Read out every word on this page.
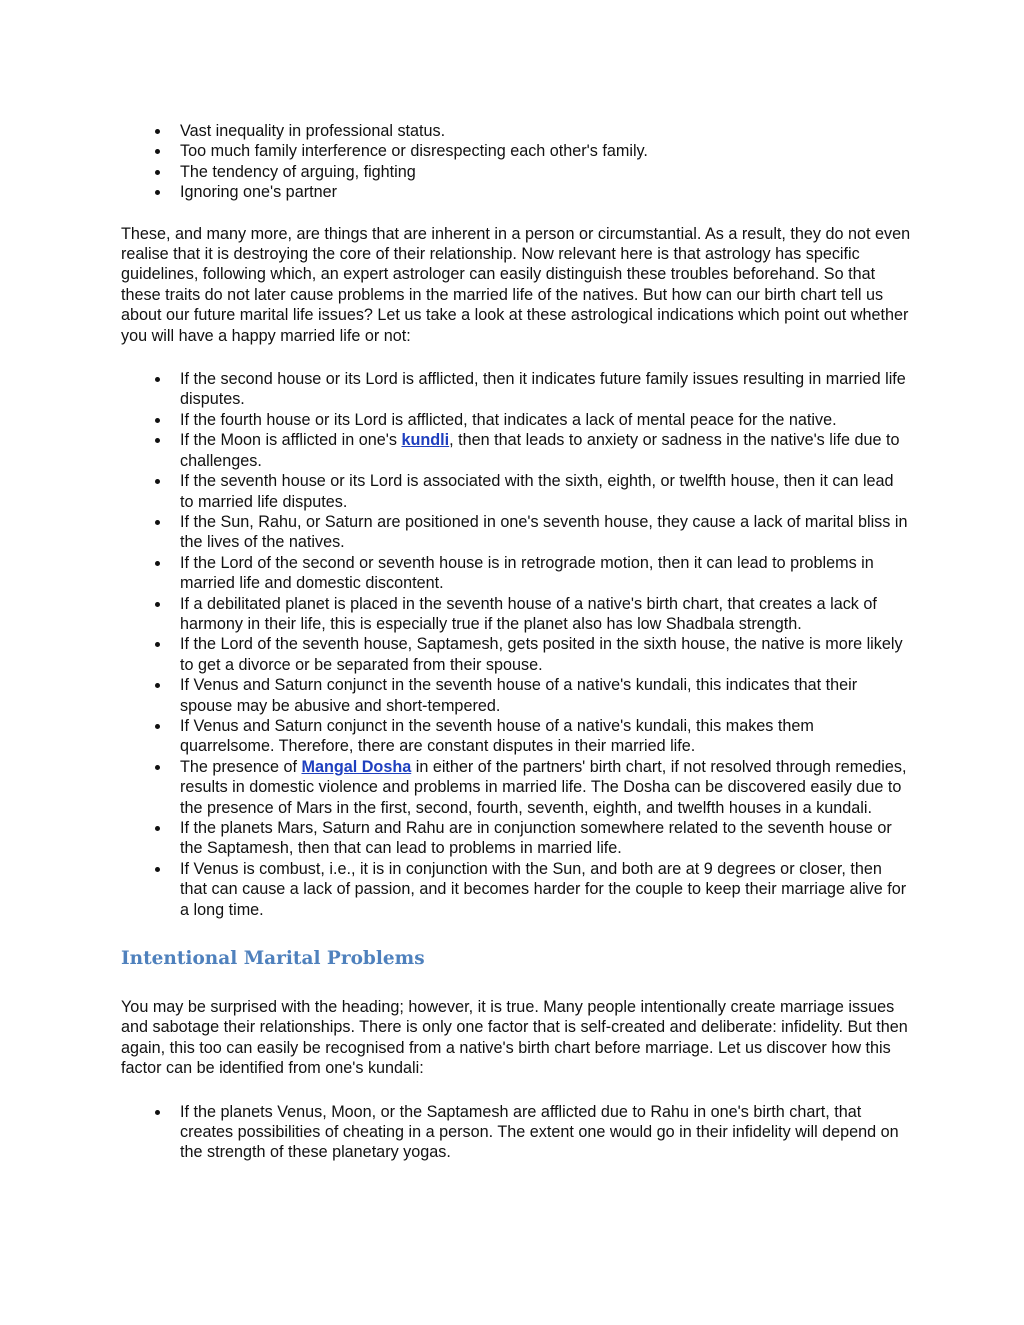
Vast inequality in professional status.
Too much family interference or disrespecting each other's family.
The tendency of arguing, fighting
Ignoring one's partner

These, and many more, are things that are inherent in a person or circumstantial. As a result, they do not even realise that it is destroying the core of their relationship. Now relevant here is that astrology has specific guidelines, following which, an expert astrologer can easily distinguish these troubles beforehand. So that these traits do not later cause problems in the married life of the natives. But how can our birth chart tell us about our future marital life issues? Let us take a look at these astrological indications which point out whether you will have a happy married life or not:

If the second house or its Lord is afflicted, then it indicates future family issues resulting in married life disputes.
If the fourth house or its Lord is afflicted, that indicates a lack of mental peace for the native.
If the Moon is afflicted in one's kundli, then that leads to anxiety or sadness in the native's life due to challenges.
If the seventh house or its Lord is associated with the sixth, eighth, or twelfth house, then it can lead to married life disputes.
If the Sun, Rahu, or Saturn are positioned in one's seventh house, they cause a lack of marital bliss in the lives of the natives.
If the Lord of the second or seventh house is in retrograde motion, then it can lead to problems in married life and domestic discontent.
If a debilitated planet is placed in the seventh house of a native's birth chart, that creates a lack of harmony in their life, this is especially true if the planet also has low Shadbala strength.
If the Lord of the seventh house, Saptamesh, gets posited in the sixth house, the native is more likely to get a divorce or be separated from their spouse.
If Venus and Saturn conjunct in the seventh house of a native's kundali, this indicates that their spouse may be abusive and short-tempered.
If Venus and Saturn conjunct in the seventh house of a native's kundali, this makes them quarrelsome. Therefore, there are constant disputes in their married life.
The presence of Mangal Dosha in either of the partners' birth chart, if not resolved through remedies, results in domestic violence and problems in married life. The Dosha can be discovered easily due to the presence of Mars in the first, second, fourth, seventh, eighth, and twelfth houses in a kundali.
If the planets Mars, Saturn and Rahu are in conjunction somewhere related to the seventh house or the Saptamesh, then that can lead to problems in married life.
If Venus is combust, i.e., it is in conjunction with the Sun, and both are at 9 degrees or closer, then that can cause a lack of passion, and it becomes harder for the couple to keep their marriage alive for a long time.
Intentional Marital Problems

You may be surprised with the heading; however, it is true. Many people intentionally create marriage issues and sabotage their relationships. There is only one factor that is self-created and deliberate: infidelity. But then again, this too can easily be recognised from a native's birth chart before marriage. Let us discover how this factor can be identified from one's kundali:

If the planets Venus, Moon, or the Saptamesh are afflicted due to Rahu in one's birth chart, that creates possibilities of cheating in a person. The extent one would go in their infidelity will depend on the strength of these planetary yogas.
